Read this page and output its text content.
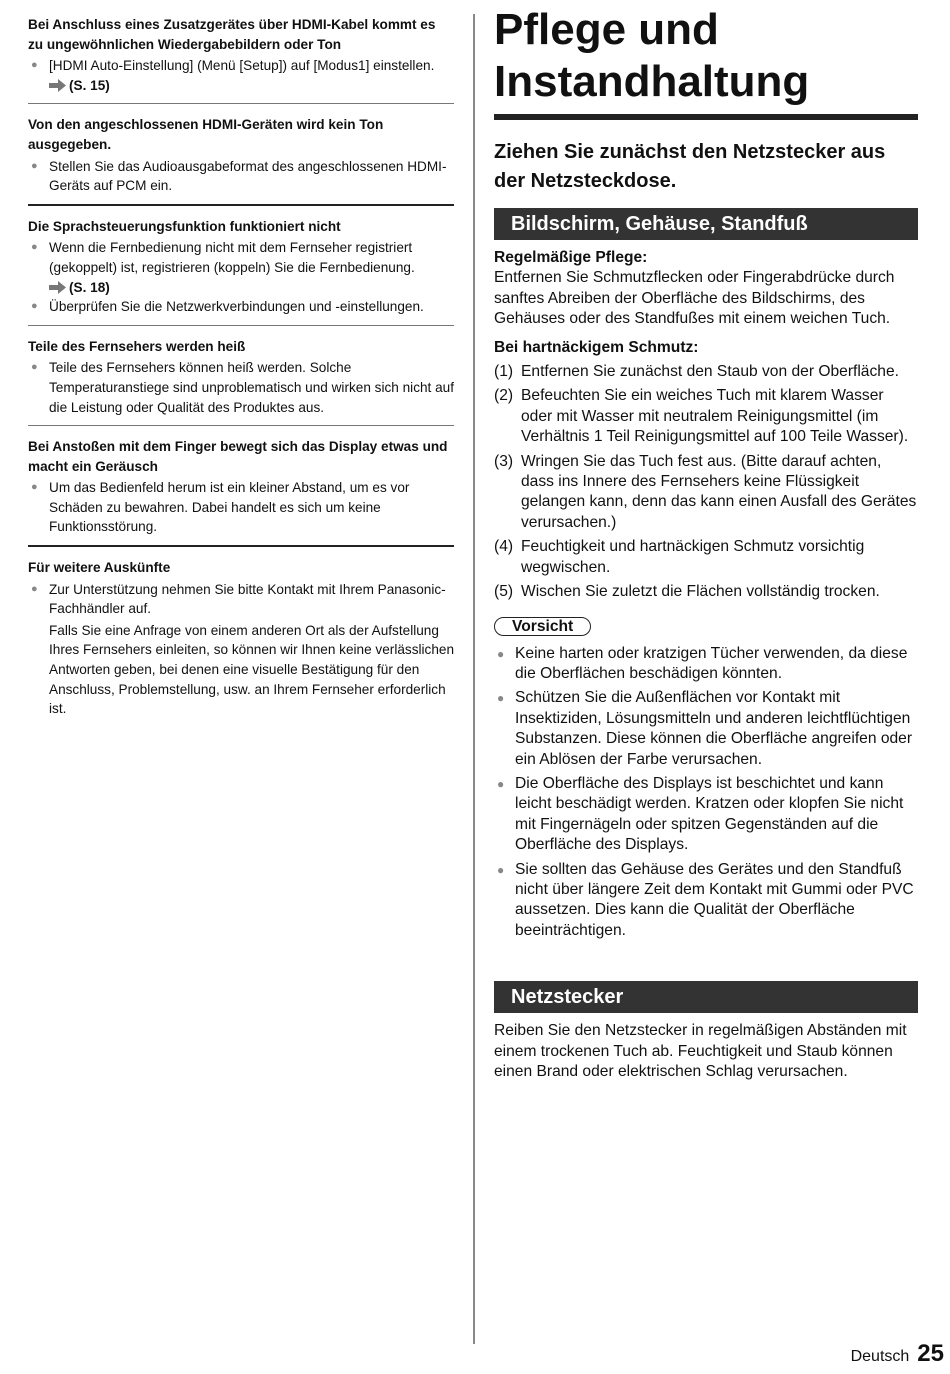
Bei Anschluss eines Zusatzgerätes über HDMI-Kabel kommt es zu ungewöhnlichen Wiedergabebildern oder Ton
● [HDMI Auto-Einstellung] (Menü [Setup]) auf [Modus1] einstellen.
(S. 15)
Von den angeschlossenen HDMI-Geräten wird kein Ton ausgegeben.
● Stellen Sie das Audioausgabeformat des angeschlossenen HDMI-Geräts auf PCM ein.
Die Sprachsteuerungsfunktion funktioniert nicht
● Wenn die Fernbedienung nicht mit dem Fernseher registriert (gekoppelt) ist, registrieren (koppeln) Sie die Fernbedienung.
(S. 18)
● Überprüfen Sie die Netzwerkverbindungen und -einstellungen.
Teile des Fernsehers werden heiß
● Teile des Fernsehers können heiß werden. Solche Temperaturanstiege sind unproblematisch und wirken sich nicht auf die Leistung oder Qualität des Produktes aus.
Bei Anstoßen mit dem Finger bewegt sich das Display etwas und macht ein Geräusch
● Um das Bedienfeld herum ist ein kleiner Abstand, um es vor Schäden zu bewahren. Dabei handelt es sich um keine Funktionsstörung.
Für weitere Auskünfte
● Zur Unterstützung nehmen Sie bitte Kontakt mit Ihrem Panasonic-Fachhändler auf.
Falls Sie eine Anfrage von einem anderen Ort als der Aufstellung Ihres Fernsehers einleiten, so können wir Ihnen keine verlässlichen Antworten geben, bei denen eine visuelle Bestätigung für den Anschluss, Problemstellung, usw. an Ihrem Fernseher erforderlich ist.
Pflege und
Instandhaltung
Ziehen Sie zunächst den Netzstecker aus der Netzsteckdose.
Bildschirm, Gehäuse, Standfuß
Regelmäßige Pflege:
Entfernen Sie Schmutzflecken oder Fingerabdrücke durch sanftes Abreiben der Oberfläche des Bildschirms, des Gehäuses oder des Standfußes mit einem weichen Tuch.
Bei hartnäckigem Schmutz:
(1) Entfernen Sie zunächst den Staub von der Oberfläche.
(2) Befeuchten Sie ein weiches Tuch mit klarem Wasser oder mit Wasser mit neutralem Reinigungsmittel (im Verhältnis 1 Teil Reinigungsmittel auf 100 Teile Wasser).
(3) Wringen Sie das Tuch fest aus. (Bitte darauf achten, dass ins Innere des Fernsehers keine Flüssigkeit gelangen kann, denn das kann einen Ausfall des Gerätes verursachen.)
(4) Feuchtigkeit und hartnäckigen Schmutz vorsichtig wegwischen.
(5) Wischen Sie zuletzt die Flächen vollständig trocken.
Vorsicht
● Keine harten oder kratzigen Tücher verwenden, da diese die Oberflächen beschädigen könnten.
● Schützen Sie die Außenflächen vor Kontakt mit Insektiziden, Lösungsmitteln und anderen leichtflüchtigen Substanzen. Diese können die Oberfläche angreifen oder ein Ablösen der Farbe verursachen.
● Die Oberfläche des Displays ist beschichtet und kann leicht beschädigt werden. Kratzen oder klopfen Sie nicht mit Fingernägeln oder spitzen Gegenständen auf die Oberfläche des Displays.
● Sie sollten das Gehäuse des Gerätes und den Standfuß nicht über längere Zeit dem Kontakt mit Gummi oder PVC aussetzen. Dies kann die Qualität der Oberfläche beeinträchtigen.
Netzstecker
Reiben Sie den Netzstecker in regelmäßigen Abständen mit einem trockenen Tuch ab. Feuchtigkeit und Staub können einen Brand oder elektrischen Schlag verursachen.
Deutsch 25
